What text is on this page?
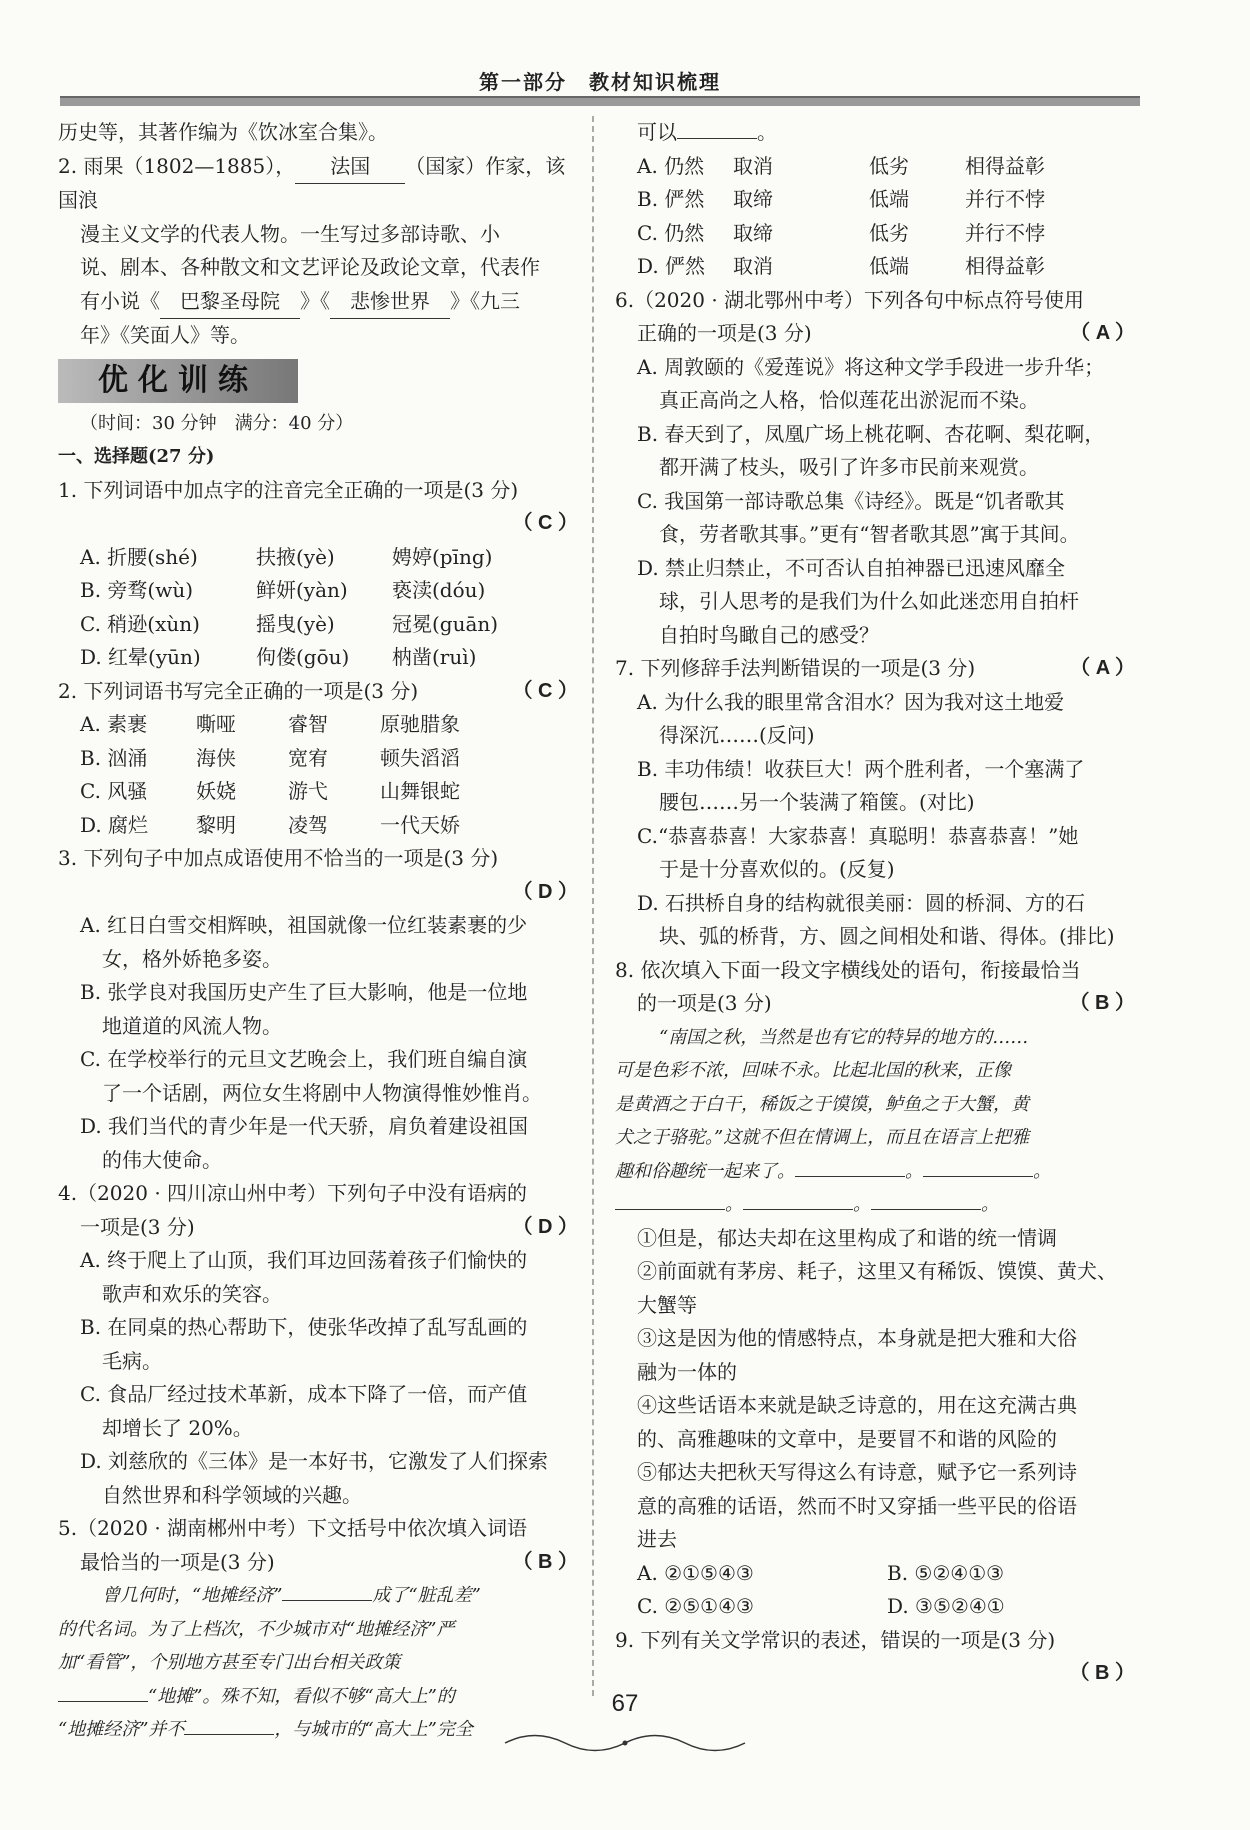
第一部分　教材知识梳理

历史等，其著作编为《饮冰室合集》。

2. 雨果（1802—1885）， 法国 （国家）作家，该国浪

漫主义文学的代表人物。一生写过多部诗歌、小

说、剧本、各种散文和文艺评论及政论文章，代表作

有小说《 巴黎圣母院 》《 悲惨世界 》《九三

年》《笑面人》等。

优化训练

（时间：30 分钟　满分：40 分）

一、选择题(27 分)

1. 下列词语中加点字的注音完全正确的一项是(3 分)

（ C ）

A. 折腰(shé)	扶掖(yè)	娉婷(pīng)
B. 旁骛(wù)	鲜妍(yàn)	亵渎(dóu)
C. 稍逊(xùn)	摇曳(yè)	冠冕(guān)
D. 红晕(yūn)	佝偻(gōu)	枘凿(ruì)

（ C ）
2. 下列词语书写完全正确的一项是(3 分)

A. 素裹	嘶哑	睿智	原驰腊象
B. 汹涌	海侠	宽宥	顿失滔滔
C. 风骚	妖娆	游弋	山舞银蛇
D. 腐烂	黎明	凌驾	一代天娇

3. 下列句子中加点成语使用不恰当的一项是(3 分)

（ D ）

A. 红日白雪交相辉映，祖国就像一位红装素裹的少

女，格外娇艳多姿。

B. 张学良对我国历史产生了巨大影响，他是一位地

地道道的风流人物。

C. 在学校举行的元旦文艺晚会上，我们班自编自演

了一个话剧，两位女生将剧中人物演得惟妙惟肖。

D. 我们当代的青少年是一代天骄，肩负着建设祖国

的伟大使命。

4.（2020 · 四川凉山州中考）下列句子中没有语病的

（ D ）
一项是(3 分)

A. 终于爬上了山顶，我们耳边回荡着孩子们愉快的

歌声和欢乐的笑容。

B. 在同桌的热心帮助下，使张华改掉了乱写乱画的

毛病。

C. 食品厂经过技术革新，成本下降了一倍，而产值

却增长了 20%。

D. 刘慈欣的《三体》是一本好书，它激发了人们探索

自然世界和科学领域的兴趣。

5.（2020 · 湖南郴州中考）下文括号中依次填入词语

（ B ）
最恰当的一项是(3 分)

曾几何时，“地摊经济”	成了“脏乱差”

的代名词。为了上档次，不少城市对“地摊经济”严

加“看管”，个别地方甚至专门出台相关政策

“地摊”。殊不知，看似不够“高大上”的

“地摊经济”并不	，与城市的“高大上”完全

可以	。

A. 仍然	取消	低劣	相得益彰
B. 俨然	取缔	低端	并行不悖
C. 仍然	取缔	低劣	并行不悖
D. 俨然	取消	低端	相得益彰

6.（2020 · 湖北鄂州中考）下列各句中标点符号使用

（ A ）
正确的一项是(3 分)

A. 周敦颐的《爱莲说》将这种文学手段进一步升华；

真正高尚之人格，恰似莲花出淤泥而不染。

B. 春天到了，凤凰广场上桃花啊、杏花啊、梨花啊，

都开满了枝头，吸引了许多市民前来观赏。

C. 我国第一部诗歌总集《诗经》。既是“饥者歌其

食，劳者歌其事。”更有“智者歌其恩”寓于其间。

D. 禁止归禁止，不可否认自拍神器已迅速风靡全

球，引人思考的是我们为什么如此迷恋用自拍杆

自拍时鸟瞰自己的感受？

（ A ）
7. 下列修辞手法判断错误的一项是(3 分)

A. 为什么我的眼里常含泪水？因为我对这土地爱

得深沉……(反问)

B. 丰功伟绩！收获巨大！两个胜利者，一个塞满了

腰包……另一个装满了箱箧。(对比)

C.“恭喜恭喜！大家恭喜！真聪明！恭喜恭喜！”她

于是十分喜欢似的。(反复)

D. 石拱桥自身的结构就很美丽：圆的桥洞、方的石

块、弧的桥背，方、圆之间相处和谐、得体。(排比)

8. 依次填入下面一段文字横线处的语句，衔接最恰当

（ B ）
的一项是(3 分)

“南国之秋，当然是也有它的特异的地方的……

可是色彩不浓，回味不永。比起北国的秋来，正像

是黄酒之于白干，稀饭之于馍馍，鲈鱼之于大蟹，黄

犬之于骆驼。”这就不但在情调上，而且在语言上把雅

趣和俗趣统一起来了。	。	。

。	。	。

①但是，郁达夫却在这里构成了和谐的统一情调

②前面就有茅房、耗子，这里又有稀饭、馍馍、黄犬、

大蟹等

③这是因为他的情感特点，本身就是把大雅和大俗

融为一体的

④这些话语本来就是缺乏诗意的，用在这充满古典

的、高雅趣味的文章中，是要冒不和谐的风险的

⑤郁达夫把秋天写得这么有诗意，赋予它一系列诗

意的高雅的话语，然而不时又穿插一些平民的俗语

进去

A. ②①⑤④③	B. ⑤②④①③
C. ②⑤①④③	D. ③⑤②④①

9. 下列有关文学常识的表述，错误的一项是(3 分)

（ B ）

67
